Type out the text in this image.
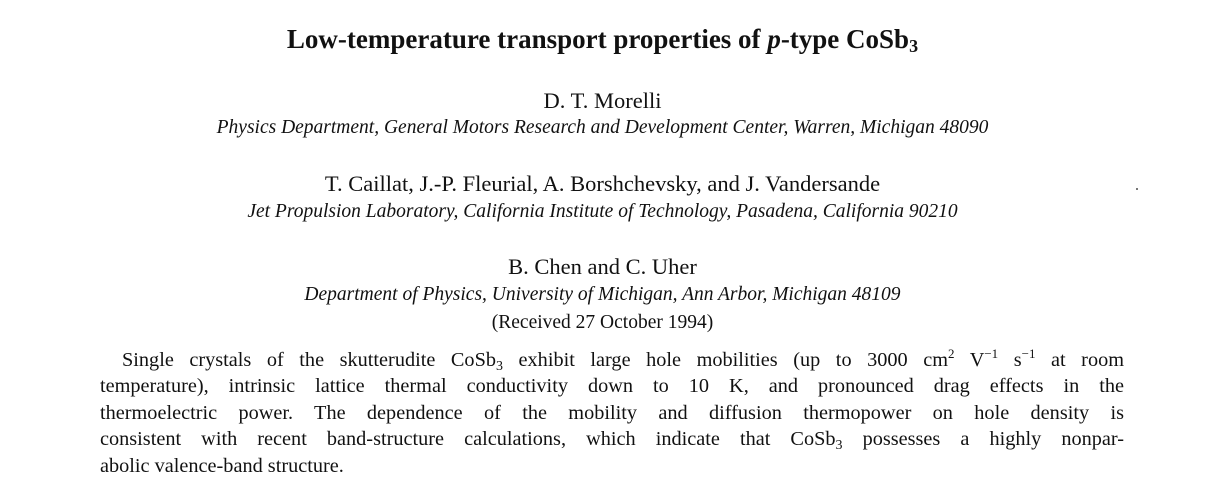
Low-temperature transport properties of p-type CoSb$_3$
D. T. Morelli
Physics Department, General Motors Research and Development Center, Warren, Michigan 48090
T. Caillat, J.-P. Fleurial, A. Borshchevsky, and J. Vandersande
Jet Propulsion Laboratory, California Institute of Technology, Pasadena, California 90210
B. Chen and C. Uher
Department of Physics, University of Michigan, Ann Arbor, Michigan 48109
(Received 27 October 1994)
Single crystals of the skutterudite CoSb$_3$ exhibit large hole mobilities (up to 3000 $cm^2$ $V^{-1}$ $s^{-1}$ at room
temperature), intrinsic lattice thermal conductivity down to 10 K, and pronounced drag effects in the
thermoelectric power. The dependence of the mobility and diffusion thermopower on hole density is
consistent with recent band-structure calculations, which indicate that CoSb$_3$ possesses a highly nonpar-
abolic valence-band structure.
